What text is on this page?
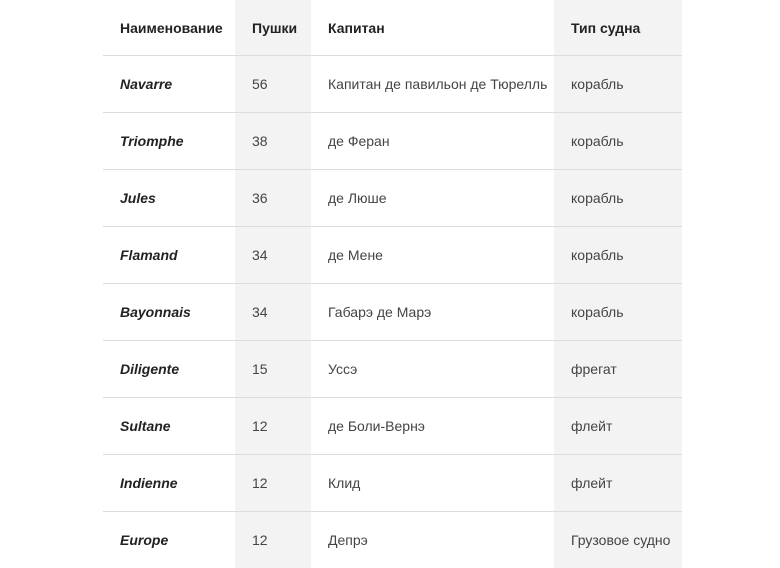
Наименование	Пушки	Капитан	Тип судна
Navarre	56	Капитан де павильон де Тюрелль	корабль
Triomphe	38	де Феран	корабль
Jules	36	де Люше	корабль
Flamand	34	де Мене	корабль
Bayonnais	34	Габарэ де Марэ	корабль
Diligente	15	Уссэ	фрегат
Sultane	12	де Боли-Вернэ	флейт
Indienne	12	Клид	флейт
Europe	12	Депрэ	Грузовое судно
